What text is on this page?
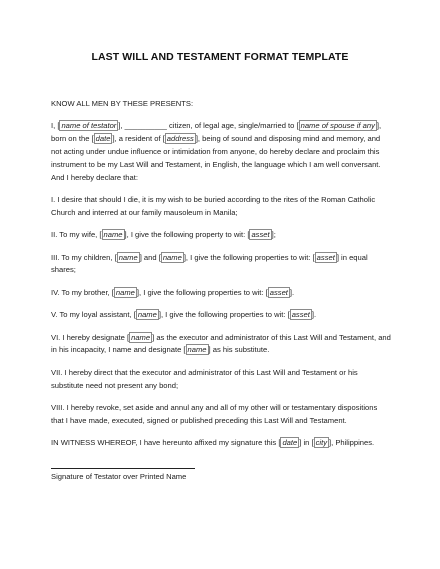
LAST WILL AND TESTAMENT FORMAT TEMPLATE

KNOW ALL MEN BY THESE PRESENTS:

I, [ name of testator ], __________ citizen, of legal age, single/married to [ name of spouse if any ], born on the [ date ], a resident of [ address ], being of sound and disposing mind and memory, and not acting under undue influence or intimidation from anyone, do hereby declare and proclaim this instrument to be my Last Will and Testament, in English, the language which I am well conversant. And I hereby declare that:

I. I desire that should I die, it is my wish to be buried according to the rites of the Roman Catholic Church and interred at our family mausoleum in Manila;

II. To my wife, [ name ], I give the following property to wit: [ asset ];

III. To my children, [ name ] and [ name ], I give the following properties to wit: [ asset ] in equal shares;

IV. To my brother, [ name ], I give the following properties to wit: [ asset ].

V. To my loyal assistant, [ name ], I give the following properties to wit: [ asset ].

VI. I hereby designate [ name ] as the executor and administrator of this Last Will and Testament, and in his incapacity, I name and designate [ name ] as his substitute.

VII. I hereby direct that the executor and administrator of this Last Will and Testament or his substitute need not present any bond;

VIII. I hereby revoke, set aside and annul any and all of my other will or testamentary dispositions that I have made, executed, signed or published preceding this Last Will and Testament.

IN WITNESS WHEREOF, I have hereunto affixed my signature this [ date ] in [ city ], Philippines.

Signature of Testator over Printed Name
